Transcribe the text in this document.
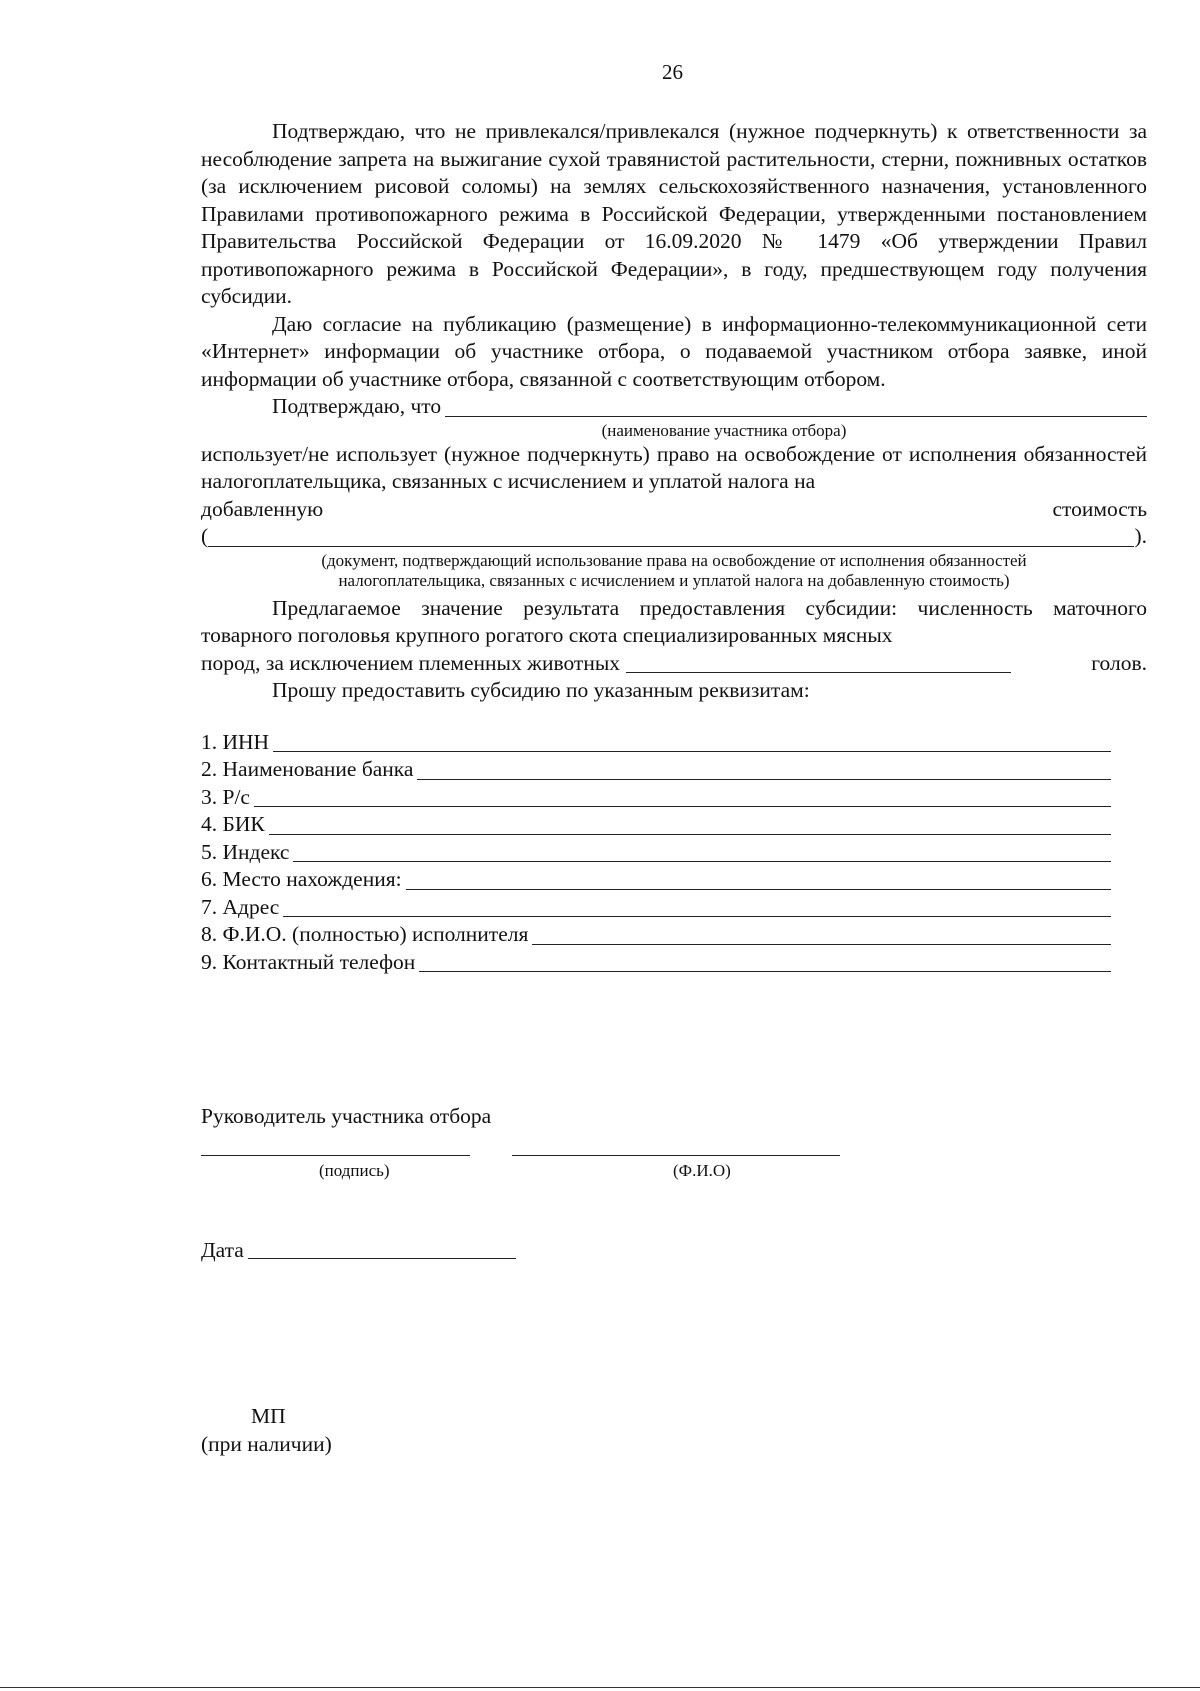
26

Подтверждаю, что не привлекался/привлекался (нужное подчеркнуть) к ответственности за несоблюдение запрета на выжигание сухой травянистой растительности, стерни, пожнивных остатков (за исключением рисовой соломы) на землях сельскохозяйственного назначения, установленного Правилами противопожарного режима в Российской Федерации, утвержденными постановлением Правительства Российской Федерации от 16.09.2020 № 1479 «Об утверждении Правил противопожарного режима в Российской Федерации», в году, предшествующем году получения субсидии.

Даю согласие на публикацию (размещение) в информационно-телекоммуникационной сети «Интернет» информации об участнике отбора, о подаваемой участником отбора заявке, иной информации об участнике отбора, связанной с соответствующим отбором.

Подтверждаю, что
(наименование участника отбора)

использует/не использует (нужное подчеркнуть) право на освобождение от исполнения обязанностей налогоплательщика, связанных с исчислением и уплатой налога на

добавленную	стоимость
(	).
(документ, подтверждающий использование права на освобождение от исполнения обязанностей
налогоплательщика, связанных с исчислением и уплатой налога на добавленную стоимость)

Предлагаемое значение результата предоставления субсидии: численность маточного товарного поголовья крупного рогатого скота специализированных мясных

пород, за исключением племенных животных	голов.
Прошу предоставить субсидию по указанным реквизитам:
1. ИНН
2. Наименование банка
3. Р/с
4. БИК
5. Индекс
6. Место нахождения:
7. Адрес
8. Ф.И.О. (полностью) исполнителя
9. Контактный телефон
Руководитель участника отбора
(подпись)	(Ф.И.О)
Дата
МП
(при наличии)
